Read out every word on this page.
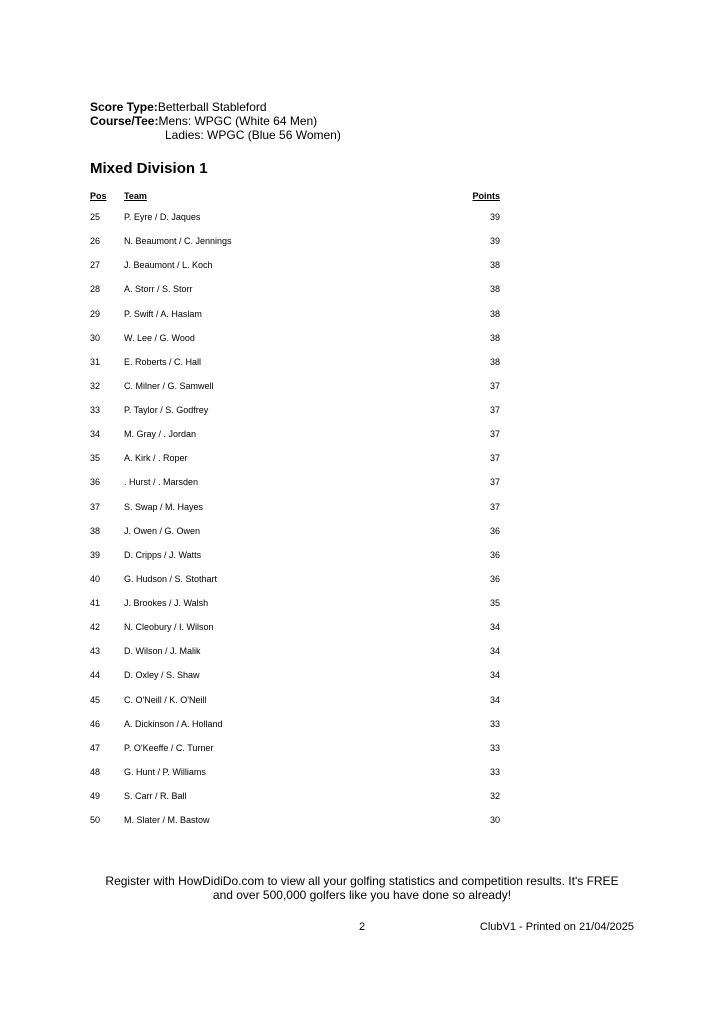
Score Type:Betterball Stableford
Course/Tee:Mens: WPGC (White 64 Men)
Ladies: WPGC (Blue 56 Women)
Mixed Division 1
Pos Team	Points
25	P. Eyre / D. Jaques	39
26	N. Beaumont / C. Jennings	39
27	J. Beaumont / L. Koch	38
28	A. Storr / S. Storr	38
29	P. Swift / A. Haslam	38
30	W. Lee / G. Wood	38
31	E. Roberts / C. Hall	38
32	C. Milner / G. Samwell	37
33	P. Taylor / S. Godfrey	37
34	M. Gray / . Jordan	37
35	A. Kirk / . Roper	37
36	. Hurst / . Marsden	37
37	S. Swap / M. Hayes	37
38	J. Owen / G. Owen	36
39	D. Cripps / J. Watts	36
40	G. Hudson / S. Stothart	36
41	J. Brookes / J. Walsh	35
42	N. Cleobury / I. Wilson	34
43	D. Wilson / J. Malik	34
44	D. Oxley / S. Shaw	34
45	C. O'Neill / K. O'Neill	34
46	A. Dickinson / A. Holland	33
47	P. O'Keeffe / C. Turner	33
48	G. Hunt / P. Williams	33
49	S. Carr / R. Ball	32
50	M. Slater / M. Bastow	30
Register with HowDidiDo.com to view all your golfing statistics and competition results. It's FREE
and over 500,000 golfers like you have done so already!
2	ClubV1 - Printed on 21/04/2025
